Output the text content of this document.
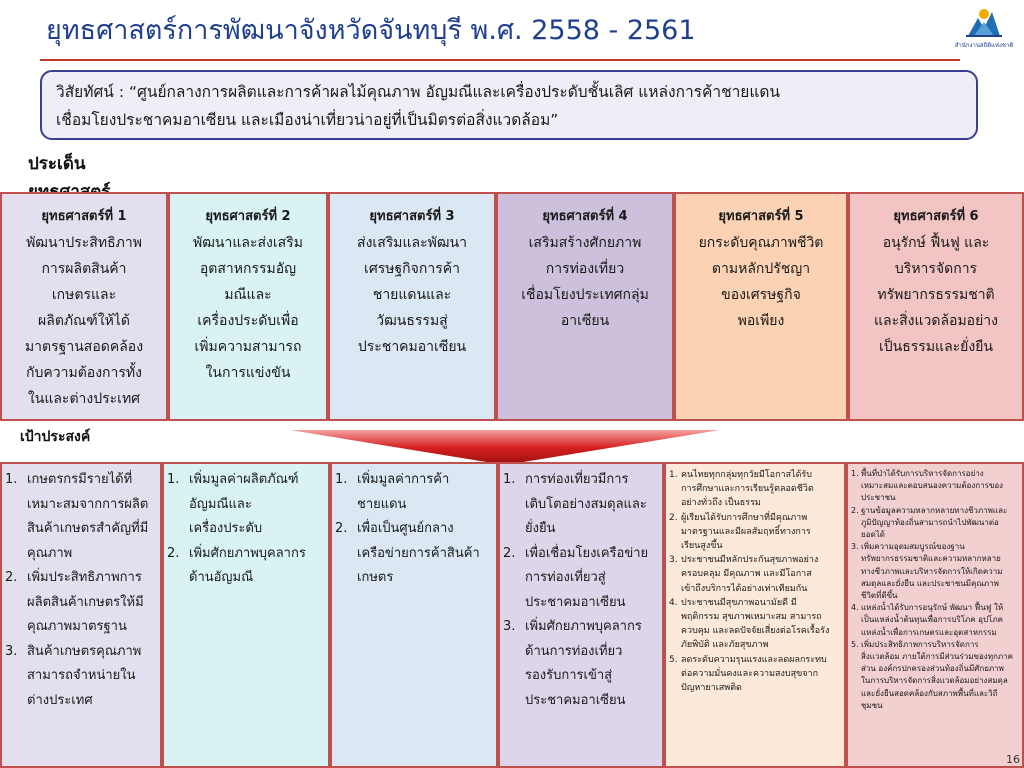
ยุทธศาสตร์การพัฒนาจังหวัดจันทบุรี พ.ศ. 2558 - 2561	สำนักงานสถิติแห่งชาติ
วิสัยทัศน์ : “ศูนย์กลางการผลิตและการค้าผลไม้คุณภาพ อัญมณีและเครื่องประดับชั้นเลิศ แหล่งการค้าชายแดน
เชื่อมโยงประชาคมอาเซียน และเมืองน่าเที่ยวน่าอยู่ที่เป็นมิตรต่อสิ่งแวดล้อม”
ประเด็น
ยุทธศาสตร์ที่ 1
พัฒนาประสิทธิภาพ
การผลิตสินค้า
เกษตรและ
ผลิตภัณฑ์ให้ได้
มาตรฐานสอดคล้อง
กับความต้องการทั้ง
ในและต่างประเทศ
ยุทธศาสตร์ที่ 2
พัฒนาและส่งเสริม
อุตสาหกรรมอัญ
มณีและ
เครื่องประดับเพื่อ
เพิ่มความสามารถ
ในการแข่งขัน
ยุทธศาสตร์ที่ 3
ส่งเสริมและพัฒนา
เศรษฐกิจการค้า
ชายแดนและ
วัฒนธรรมสู่
ประชาคมอาเซียน
ยุทธศาสตร์ที่ 4
เสริมสร้างศักยภาพ
การท่องเที่ยว
เชื่อมโยงประเทศกลุ่ม
อาเซียน
ยุทธศาสตร์ที่ 5
ยกระดับคุณภาพชีวิต
ตามหลักปรัชญา
ของเศรษฐกิจ
พอเพียง
ยุทธศาสตร์ที่ 6
อนุรักษ์ ฟื้นฟู และ
บริหารจัดการ
ทรัพยากรธรรมชาติ
และสิ่งแวดล้อมอย่าง
เป็นธรรมและยั่งยืน
เป้าประสงค์
1. เกษตรกรมีรายได้ที่
เหมาะสมจากการผลิต
สินค้าเกษตรสำคัญที่มี
คุณภาพ
2. เพิ่มประสิทธิภาพการ
ผลิตสินค้าเกษตรให้มี
คุณภาพมาตรฐาน
3. สินค้าเกษตรคุณภาพ
สามารถจำหน่ายใน
ต่างประเทศ
1. เพิ่มมูลค่าผลิตภัณฑ์
อัญมณีและ
เครื่องประดับ
2. เพิ่มศักยภาพบุคลากร
ด้านอัญมณี
1. เพิ่มมูลค่าการค้า
ชายแดน
2. เพื่อเป็นศูนย์กลาง
เครือข่ายการค้าสินค้า
เกษตร
1. การท่องเที่ยวมีการ
เติบโตอย่างสมดุลและ
ยั่งยืน
2. เพื่อเชื่อมโยงเครือข่าย
การท่องเที่ยวสู่
ประชาคมอาเซียน
3. เพิ่มศักยภาพบุคลากร
ด้านการท่องเที่ยว
รองรับการเข้าสู่
ประชาคมอาเซียน
1. คนไทยทุกกลุ่มทุกวัยมีโอกาสได้รับ
การศึกษาและการเรียนรู้ตลอดชีวิต
อย่างทั่วถึง เป็นธรรม
2. ผู้เรียนได้รับการศึกษาที่มีคุณภาพ
มาตรฐานและมีผลสัมฤทธิ์ทางการ
เรียนสูงขึ้น
3. ประชาชนมีหลักประกันสุขภาพอย่าง
ครอบคลุม มีคุณภาพ และมีโอกาส
เข้าถึงบริการได้อย่างเท่าเทียมกัน
4. ประชาชนมีสุขภาพอนามัยดี มี
พฤติกรรม สุขภาพเหมาะสม สามารถ
ควบคุม และลดปัจจัยเสี่ยงต่อโรคเรื้อรัง
ภัยพิบัติ และภัยสุขภาพ
5. ลดระดับความรุนแรงและลดผลกระทบ
ต่อความมั่นคงและความสงบสุขจาก
ปัญหายาเสพติด
1. พื้นที่ป่าได้รับการบริหารจัดการอย่าง
เหมาะสมและตอบสนองความต้องการของ
ประชาชน
2. ฐานข้อมูลความหลากหลายทางชีวภาพและ
ภูมิปัญญาท้องถิ่นสามารถนำไปพัฒนาต่อ
ยอดได้
3. เพิ่มความอุดมสมบูรณ์ของฐาน
ทรัพยากรธรรมชาติและความหลากหลาย
ทางชีวภาพและบริหารจัดการให้เกิดความ
สมดุลและยั่งยืน และประชาชนมีคุณภาพ
ชีวิตที่ดีขึ้น
4. แหล่งน้ำได้รับการอนุรักษ์ พัฒนา ฟื้นฟู ให้
เป็นแหล่งน้ำต้นทุนเพื่อการบริโภค อุปโภค
แหล่งน้ำเพื่อการเกษตรและอุตสาหกรรม
5. เพิ่มประสิทธิภาพการบริหารจัดการ
สิ่งแวดล้อม ภายใต้การมีส่วนร่วมของทุกภาค
ส่วน องค์กรปกครองส่วนท้องถิ่นมีศักยภาพ
ในการบริหารจัดการสิ่งแวดล้อมอย่างสมดุล
และยั่งยืนสอดคล้องกับสภาพพื้นที่และวิถี
ชุมชน
16
